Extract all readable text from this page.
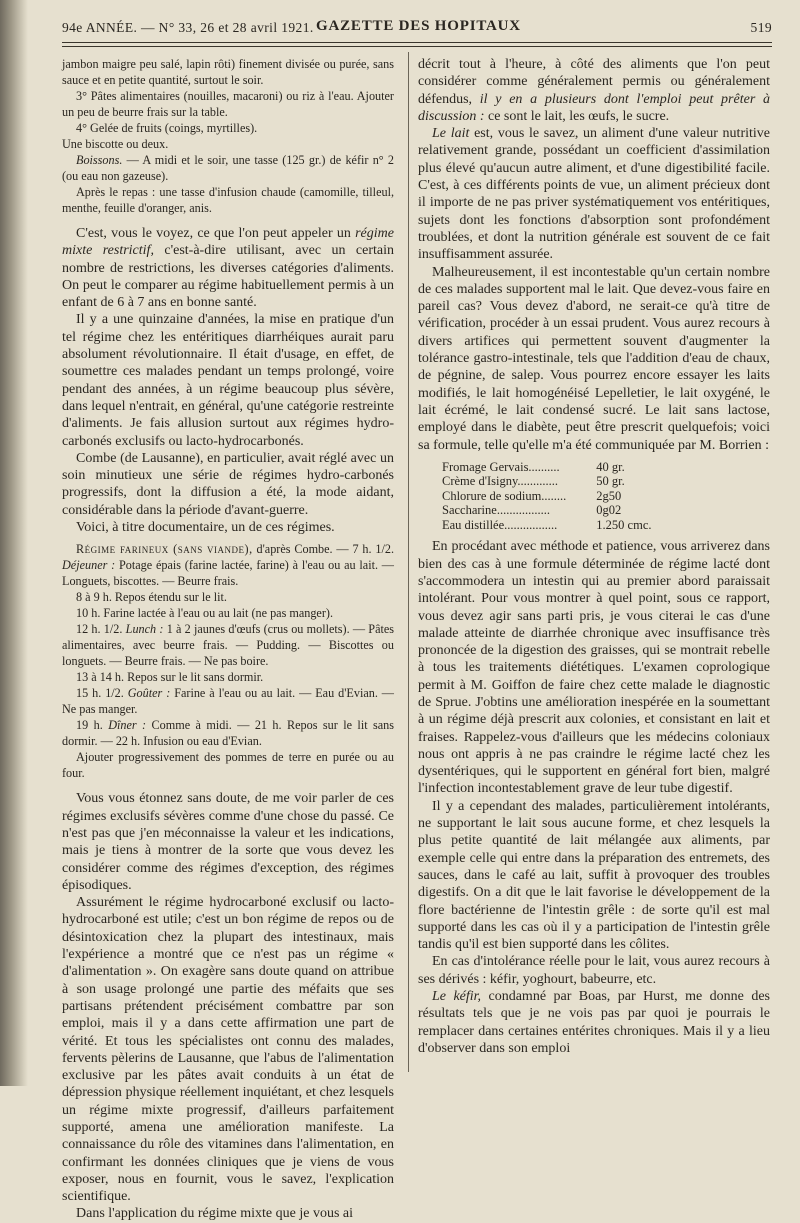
94e ANNÉE. — N° 33, 26 et 28 avril 1921. GAZETTE DES HOPITAUX	519

jambon maigre peu salé, lapin rôti) finement divisée ou purée, sans sauce et en petite quantité, surtout le soir.

3° Pâtes alimentaires (nouilles, macaroni) ou riz à l'eau. Ajouter un peu de beurre frais sur la table.

4° Gelée de fruits (coings, myrtilles).

Une biscotte ou deux.

Boissons. — A midi et le soir, une tasse (125 gr.) de kéfir n° 2 (ou eau non gazeuse).

Après le repas : une tasse d'infusion chaude (camomille, tilleul, menthe, feuille d'oranger, anis.

C'est, vous le voyez, ce que l'on peut appeler un régime mixte restrictif, c'est-à-dire utilisant, avec un certain nombre de restrictions, les diverses catégories d'aliments. On peut le comparer au régime habituellement permis à un enfant de 6 à 7 ans en bonne santé.

Il y a une quinzaine d'années, la mise en pratique d'un tel régime chez les entéritiques diarrhéiques aurait paru absolument révolutionnaire. Il était d'usage, en effet, de soumettre ces malades pendant un temps prolongé, voire pendant des années, à un régime beaucoup plus sévère, dans lequel n'entrait, en général, qu'une catégorie restreinte d'aliments. Je fais allusion surtout aux régimes hydro-carbonés exclusifs ou lacto-hydrocarbonés.

Combe (de Lausanne), en particulier, avait réglé avec un soin minutieux une série de régimes hydro-carbonés progressifs, dont la diffusion a été, la mode aidant, considérable dans la période d'avant-guerre.

Voici, à titre documentaire, un de ces régimes.

Régime farineux (sans viande), d'après Combe. — 7 h. 1/2. Déjeuner : Potage épais (farine lactée, farine) à l'eau ou au lait. — Longuets, biscottes. — Beurre frais.

8 à 9 h. Repos étendu sur le lit.

10 h. Farine lactée à l'eau ou au lait (ne pas manger).

12 h. 1/2. Lunch : 1 à 2 jaunes d'œufs (crus ou mollets). — Pâtes alimentaires, avec beurre frais. — Pudding. — Biscottes ou longuets. — Beurre frais. — Ne pas boire.

13 à 14 h. Repos sur le lit sans dormir.

15 h. 1/2. Goûter : Farine à l'eau ou au lait. — Eau d'Evian. — Ne pas manger.

19 h. Dîner : Comme à midi. — 21 h. Repos sur le lit sans dormir. — 22 h. Infusion ou eau d'Evian.

Ajouter progressivement des pommes de terre en purée ou au four.

Vous vous étonnez sans doute, de me voir parler de ces régimes exclusifs sévères comme d'une chose du passé. Ce n'est pas que j'en méconnaisse la valeur et les indications, mais je tiens à montrer de la sorte que vous devez les considérer comme des régimes d'exception, des régimes épisodiques.

Assurément le régime hydrocarboné exclusif ou lacto-hydrocarboné est utile; c'est un bon régime de repos ou de désintoxication chez la plupart des intestinaux, mais l'expérience a montré que ce n'est pas un régime « d'alimentation ». On exagère sans doute quand on attribue à son usage prolongé une partie des méfaits que ses partisans prétendent précisément combattre par son emploi, mais il y a dans cette affirmation une part de vérité. Et tous les spécialistes ont connu des malades, fervents pèlerins de Lausanne, que l'abus de l'alimentation exclusive par les pâtes avait conduits à un état de dépression physique réellement inquiétant, et chez lesquels un régime mixte progressif, d'ailleurs parfaitement supporté, amena une amélioration manifeste. La connaissance du rôle des vitamines dans l'alimentation, en confirmant les données cliniques que je viens de vous exposer, nous en fournit, vous le savez, l'explication scientifique.

Dans l'application du régime mixte que je vous ai

décrit tout à l'heure, à côté des aliments que l'on peut considérer comme généralement permis ou généralement défendus, il y en a plusieurs dont l'emploi peut prêter à discussion : ce sont le lait, les œufs, le sucre.

Le lait est, vous le savez, un aliment d'une valeur nutritive relativement grande, possédant un coefficient d'assimilation plus élevé qu'aucun autre aliment, et d'une digestibilité facile. C'est, à ces différents points de vue, un aliment précieux dont il importe de ne pas priver systématiquement vos entéritiques, sujets dont les fonctions d'absorption sont profondément troublées, et dont la nutrition générale est souvent de ce fait insuffisamment assurée.

Malheureusement, il est incontestable qu'un certain nombre de ces malades supportent mal le lait. Que devez-vous faire en pareil cas? Vous devez d'abord, ne serait-ce qu'à titre de vérification, procéder à un essai prudent. Vous aurez recours à divers artifices qui permettent souvent d'augmenter la tolérance gastro-intestinale, tels que l'addition d'eau de chaux, de pégnine, de salep. Vous pourrez encore essayer les laits modifiés, le lait homogénéisé Lepelletier, le lait oxygéné, le lait écrémé, le lait condensé sucré. Le lait sans lactose, employé dans le diabète, peut être prescrit quelquefois; voici sa formule, telle qu'elle m'a été communiquée par M. Borrien :

Fromage Gervais..........	40 gr.
Crème d'Isigny.............	50 gr.
Chlorure de sodium........	2g50
Saccharine.................	0g02
Eau distillée.................	1.250 cmc.

En procédant avec méthode et patience, vous arriverez dans bien des cas à une formule déterminée de régime lacté dont s'accommodera un intestin qui au premier abord paraissait intolérant. Pour vous montrer à quel point, sous ce rapport, vous devez agir sans parti pris, je vous citerai le cas d'une malade atteinte de diarrhée chronique avec insuffisance très prononcée de la digestion des graisses, qui se montrait rebelle à tous les traitements diététiques. L'examen coprologique permit à M. Goiffon de faire chez cette malade le diagnostic de Sprue. J'obtins une amélioration inespérée en la soumettant à un régime déjà prescrit aux colonies, et consistant en lait et fraises. Rappelez-vous d'ailleurs que les médecins coloniaux nous ont appris à ne pas craindre le régime lacté chez les dysentériques, qui le supportent en général fort bien, malgré l'infection incontestablement grave de leur tube digestif.

Il y a cependant des malades, particulièrement intolérants, ne supportant le lait sous aucune forme, et chez lesquels la plus petite quantité de lait mélangée aux aliments, par exemple celle qui entre dans la préparation des entremets, des sauces, dans le café au lait, suffit à provoquer des troubles digestifs. On a dit que le lait favorise le développement de la flore bactérienne de l'intestin grêle : de sorte qu'il est mal supporté dans les cas où il y a participation de l'intestin grêle tandis qu'il est bien supporté dans les côlites.

En cas d'intolérance réelle pour le lait, vous aurez recours à ses dérivés : kéfir, yoghourt, babeurre, etc.

Le kéfir, condamné par Boas, par Hurst, me donne des résultats tels que je ne vois pas par quoi je pourrais le remplacer dans certaines entérites chroniques. Mais il y a lieu d'observer dans son emploi
